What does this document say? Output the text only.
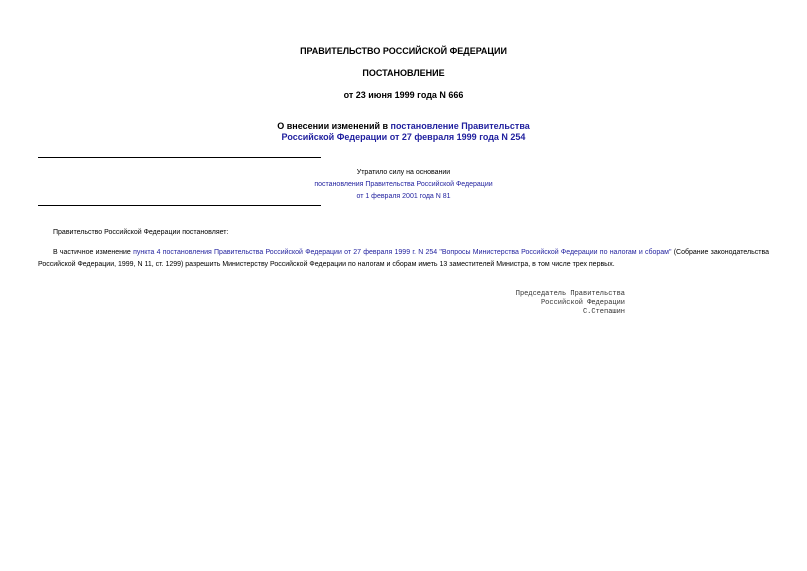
ПРАВИТЕЛЬСТВО РОССИЙСКОЙ ФЕДЕРАЦИИ
ПОСТАНОВЛЕНИЕ
от 23 июня 1999 года N 666
О внесении изменений в постановление Правительства
Российской Федерации от 27 февраля 1999 года N 254
Утратило силу на основании
постановления Правительства Российской Федерации
от 1 февраля 2001 года N 81
Правительство Российской Федерации постановляет:
В частичное изменение пункта 4 постановления Правительства Российской Федерации от 27 февраля 1999 г. N 254 "Вопросы Министерства Российской Федерации по налогам и сборам" (Собрание законодательства Российской Федерации, 1999, N 11, ст. 1299) разрешить Министерству Российской Федерации по налогам и сборам иметь 13 заместителей Министра, в том числе трех первых.
Председатель Правительства
Российской Федерации
С.Степашин
